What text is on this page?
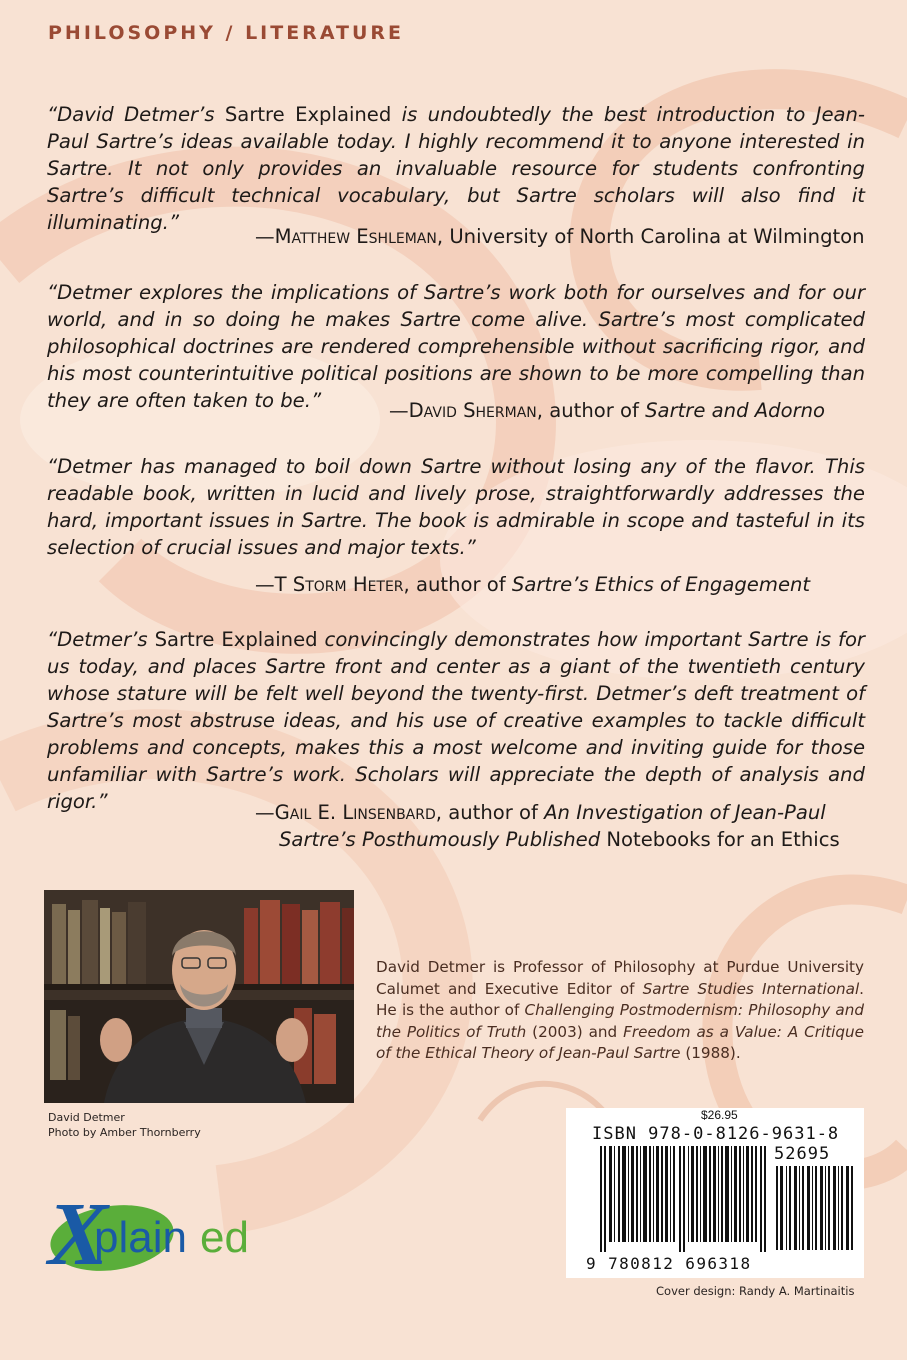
PHILOSOPHY / LITERATURE
“David Detmer’s Sartre Explained is undoubtedly the best introduction to Jean-Paul Sartre’s ideas available today. I highly recommend it to anyone interested in Sartre. It not only provides an invaluable resource for students confronting Sartre’s difficult technical vocabulary, but Sartre scholars will also find it illuminating.”
—Matthew Eshleman, University of North Carolina at Wilmington
“Detmer explores the implications of Sartre’s work both for ourselves and for our world, and in so doing he makes Sartre come alive. Sartre’s most complicated philosophical doctrines are rendered comprehensible without sacrificing rigor, and his most counterintuitive political positions are shown to be more compelling than they are often taken to be.”	—David Sherman, author of Sartre and Adorno
“Detmer has managed to boil down Sartre without losing any of the flavor. This readable book, written in lucid and lively prose, straightforwardly addresses the hard, important issues in Sartre. The book is admirable in scope and tasteful in its selection of crucial issues and major texts.”
—T Storm Heter, author of Sartre’s Ethics of Engagement
“Detmer’s Sartre Explained convincingly demonstrates how important Sartre is for us today, and places Sartre front and center as a giant of the twentieth century whose stature will be felt well beyond the twenty-first. Detmer’s deft treatment of Sartre’s most abstruse ideas, and his use of creative examples to tackle difficult problems and concepts, makes this a most welcome and inviting guide for those unfamiliar with Sartre’s work. Scholars will appreciate the depth of analysis and rigor.”	—Gail E. Linsenbard, author of An Investigation of Jean-Paul Sartre’s Posthumously Published Notebooks for an Ethics
David Detmer
Photo by Amber Thornberry
David Detmer is Professor of Philosophy at Purdue University Calumet and Executive Editor of Sartre Studies International. He is the author of Challenging Postmodernism: Philosophy and the Politics of Truth (2003) and Freedom as a Value: A Critique of the Ethical Theory of Jean-Paul Sartre (1988).
X
plain ed
$26.95
ISBN 978-0-8126-9631-8
52695
9 780812 696318
Cover design: Randy A. Martinaitis
